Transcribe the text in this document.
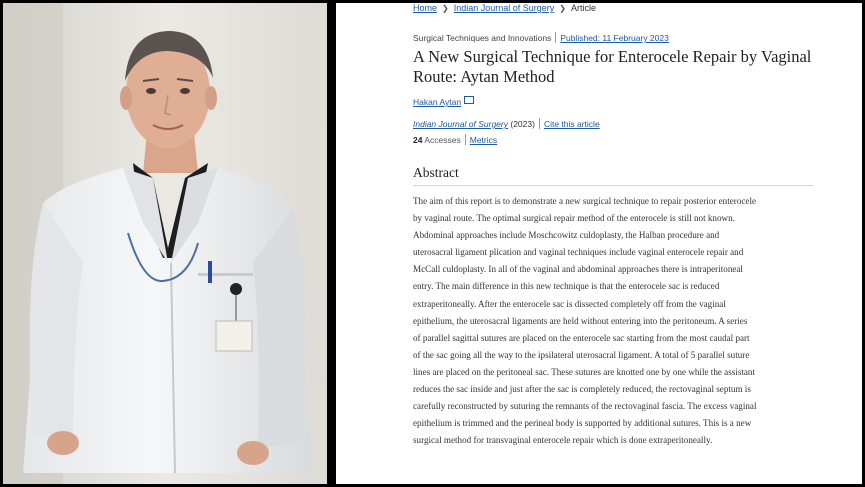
Home ❯ Indian Journal of Surgery ❯ Article
Surgical Techniques and Innovations Published: 11 February 2023
A New Surgical Technique for Enterocele Repair by Vaginal Route: Aytan Method
Hakan Aytan
Indian Journal of Surgery (2023) Cite this article
24 Accesses Metrics
Abstract
The aim of this report is to demonstrate a new surgical technique to repair posterior enterocele
by vaginal route. The optimal surgical repair method of the enterocele is still not known.
Abdominal approaches include Moschcowitz culdoplasty, the Halban procedure and
uterosacral ligament plication and vaginal techniques include vaginal enterocele repair and
McCall culdoplasty. In all of the vaginal and abdominal approaches there is intraperitoneal
entry. The main difference in this new technique is that the enterocele sac is reduced
extraperitoneally. After the enterocele sac is dissected completely off from the vaginal
epithelium, the uterosacral ligaments are held without entering into the peritoneum. A series
of parallel sagittal sutures are placed on the enterocele sac starting from the most caudal part
of the sac going all the way to the ipsilateral uterosacral ligament. A total of 5 parallel suture
lines are placed on the peritoneal sac. These sutures are knotted one by one while the assistant
reduces the sac inside and just after the sac is completely reduced, the rectovaginal septum is
carefully reconstructed by suturing the remnants of the rectovaginal fascia. The excess vaginal
epithelium is trimmed and the perineal body is supported by additional sutures. This is a new
surgical method for transvaginal enterocele repair which is done extraperitoneally.
